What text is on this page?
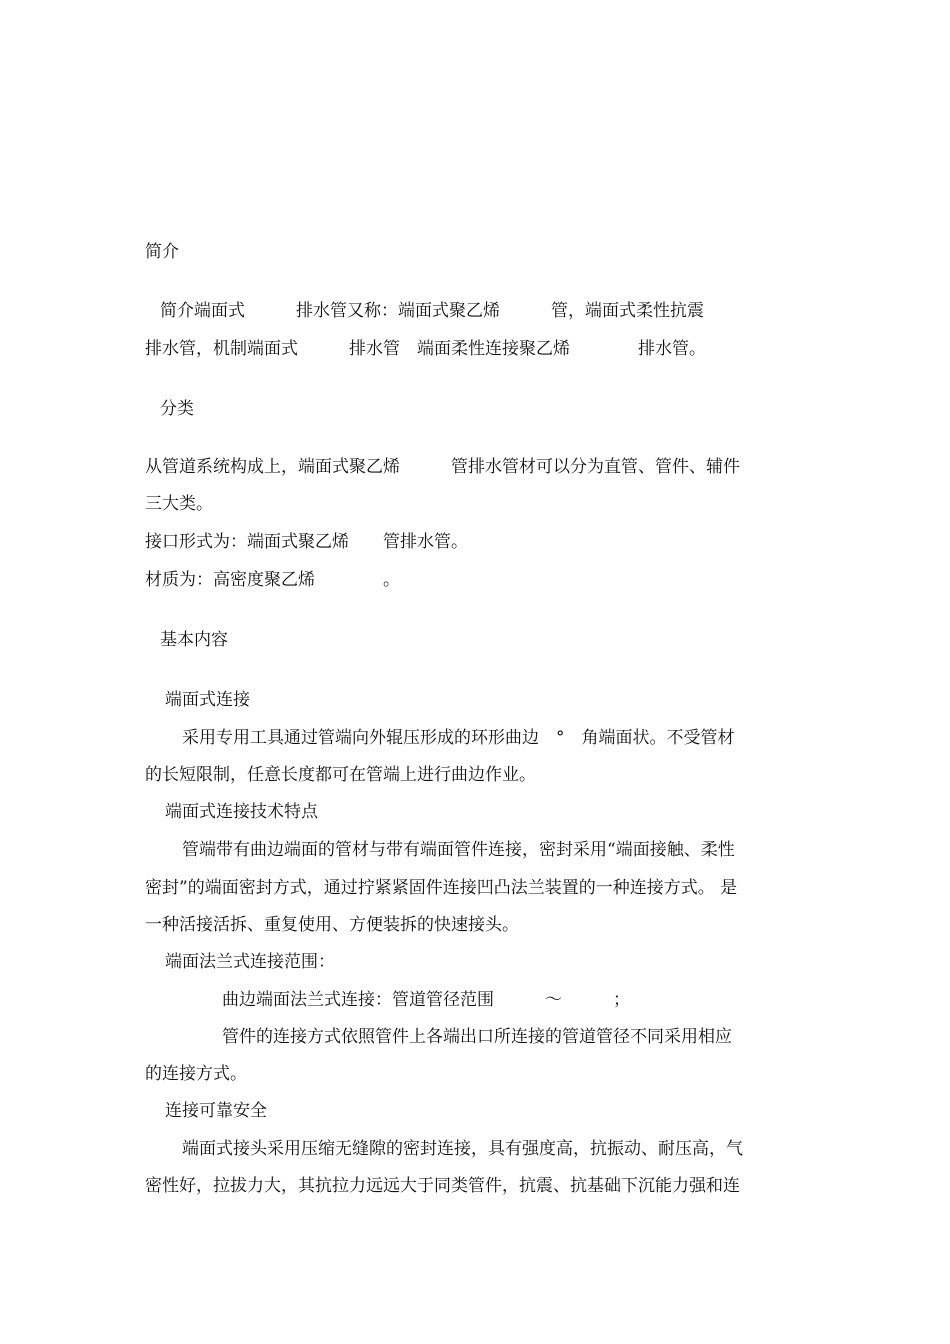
简介

简介端面式　　　排水管又称：端面式聚乙烯　　　管，端面式柔性抗震

排水管，机制端面式　　　排水管　端面柔性连接聚乙烯　　　　排水管。

分类

从管道系统构成上，端面式聚乙烯　　　管排水管材可以分为直管、管件、辅件

三大类。

接口形式为：端面式聚乙烯　　管排水管。

材质为：高密度聚乙烯　　　　。

基本内容

端面式连接

采用专用工具通过管端向外辊压形成的环形曲边　°　角端面状。不受管材

的长短限制，任意长度都可在管端上进行曲边作业。

端面式连接技术特点

管端带有曲边端面的管材与带有端面管件连接，密封采用“端面接触、柔性

密封”的端面密封方式，通过拧紧紧固件连接凹凸法兰装置的一种连接方式。 是

一种活接活拆、重复使用、方便装拆的快速接头。

端面法兰式连接范围：

曲边端面法兰式连接：管道管径范围　　　～　　　；

管件的连接方式依照管件上各端出口所连接的管道管径不同采用相应

的连接方式。

连接可靠安全

端面式接头采用压缩无缝隙的密封连接，具有强度高，抗振动、耐压高，气

密性好，拉拔力大，其抗拉力远远大于同类管件，抗震、抗基础下沉能力强和连
